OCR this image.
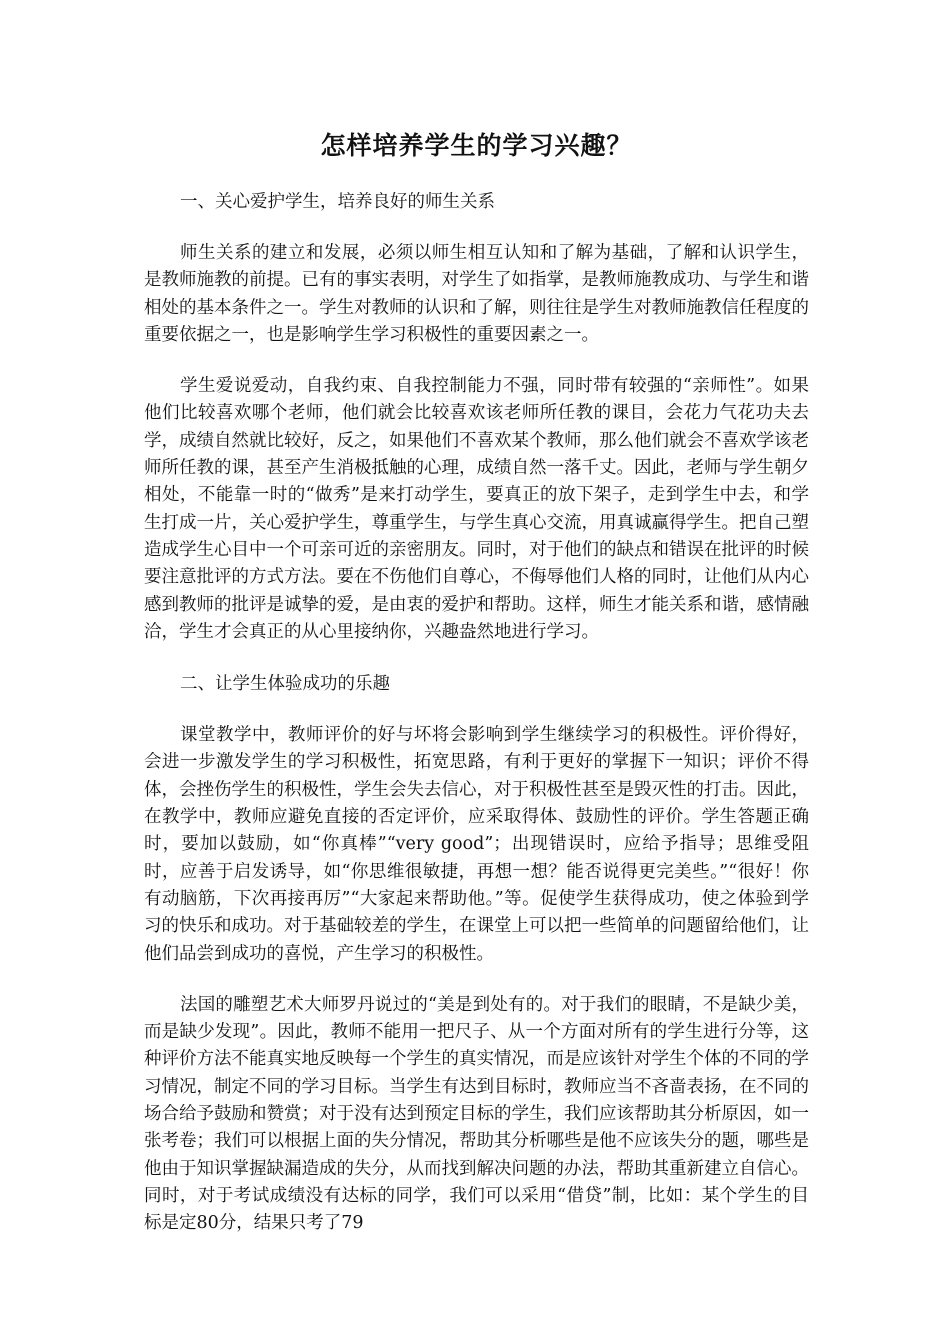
怎样培养学生的学习兴趣？

一、关心爱护学生，培养良好的师生关系

师生关系的建立和发展，必须以师生相互认知和了解为基础，了解和认识学生，是教师施教的前提。已有的事实表明，对学生了如指掌，是教师施教成功、与学生和谐相处的基本条件之一。学生对教师的认识和了解，则往往是学生对教师施教信任程度的重要依据之一，也是影响学生学习积极性的重要因素之一。

学生爱说爱动，自我约束、自我控制能力不强，同时带有较强的“亲师性”。如果他们比较喜欢哪个老师，他们就会比较喜欢该老师所任教的课目，会花力气花功夫去学，成绩自然就比较好，反之，如果他们不喜欢某个教师，那么他们就会不喜欢学该老师所任教的课，甚至产生消极抵触的心理，成绩自然一落千丈。因此，老师与学生朝夕相处，不能靠一时的“做秀”是来打动学生，要真正的放下架子，走到学生中去，和学生打成一片，关心爱护学生，尊重学生，与学生真心交流，用真诚赢得学生。把自己塑造成学生心目中一个可亲可近的亲密朋友。同时，对于他们的缺点和错误在批评的时候要注意批评的方式方法。要在不伤他们自尊心，不侮辱他们人格的同时，让他们从内心感到教师的批评是诚挚的爱，是由衷的爱护和帮助。这样，师生才能关系和谐，感情融洽，学生才会真正的从心里接纳你，兴趣盎然地进行学习。

二、让学生体验成功的乐趣

课堂教学中，教师评价的好与坏将会影响到学生继续学习的积极性。评价得好，会进一步激发学生的学习积极性，拓宽思路，有利于更好的掌握下一知识；评价不得体，会挫伤学生的积极性，学生会失去信心，对于积极性甚至是毁灭性的打击。因此，在教学中，教师应避免直接的否定评价，应采取得体、鼓励性的评价。学生答题正确时，要加以鼓励，如“你真棒”“very good”；出现错误时，应给予指导；思维受阻时，应善于启发诱导，如“你思维很敏捷，再想一想？能否说得更完美些。”“很好！你有动脑筋，下次再接再厉”“大家起来帮助他。”等。促使学生获得成功，使之体验到学习的快乐和成功。对于基础较差的学生，在课堂上可以把一些简单的问题留给他们，让他们品尝到成功的喜悦，产生学习的积极性。

法国的雕塑艺术大师罗丹说过的“美是到处有的。对于我们的眼睛，不是缺少美，而是缺少发现”。因此，教师不能用一把尺子、从一个方面对所有的学生进行分等，这种评价方法不能真实地反映每一个学生的真实情况，而是应该针对学生个体的不同的学习情况，制定不同的学习目标。当学生有达到目标时，教师应当不吝啬表扬，在不同的场合给予鼓励和赞赏；对于没有达到预定目标的学生，我们应该帮助其分析原因，如一张考卷；我们可以根据上面的失分情况，帮助其分析哪些是他不应该失分的题，哪些是他由于知识掌握缺漏造成的失分，从而找到解决问题的办法，帮助其重新建立自信心。同时，对于考试成绩没有达标的同学，我们可以采用“借贷”制，比如：某个学生的目标是定80分，结果只考了79
